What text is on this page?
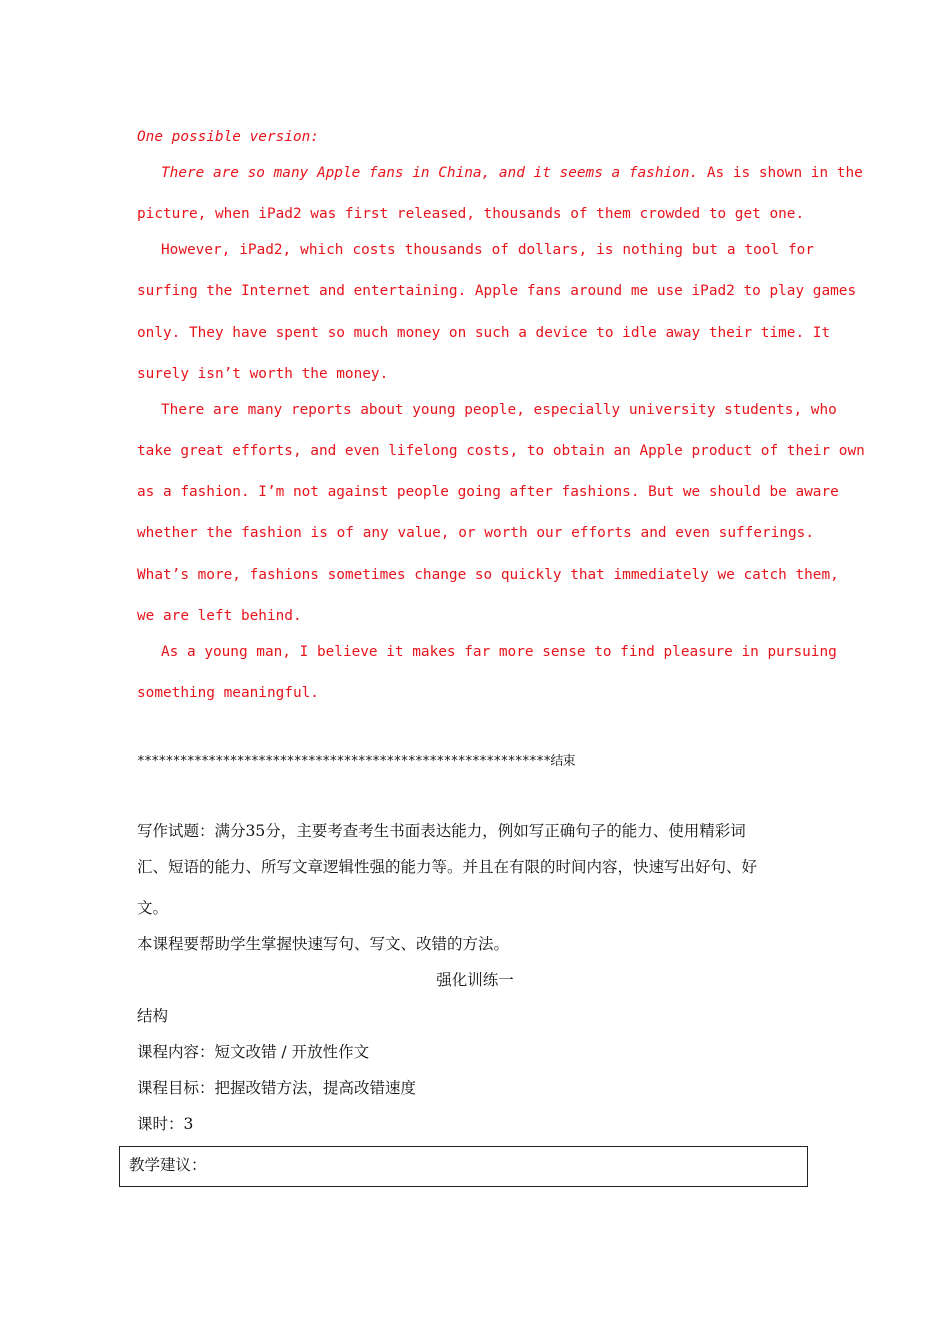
One possible version:
There are so many Apple fans in China, and it seems a fashion. As is shown in the
picture, when iPad2 was first released, thousands of them crowded to get one.
However, iPad2, which costs thousands of dollars, is nothing but a tool for
surfing the Internet and entertaining. Apple fans around me use iPad2 to play games
only. They have spent so much money on such a device to idle away their time. It
surely isn’t worth the money.
There are many reports about young people, especially university students, who
take great efforts, and even lifelong costs, to obtain an Apple product of their own
as a fashion. I’m not against people going after fashions. But we should be aware
whether the fashion is of any value, or worth our efforts and even sufferings.
What’s more, fashions sometimes change so quickly that immediately we catch them,
we are left behind.
As a young man, I believe it makes far more sense to find pleasure in pursuing
something meaningful.
**********************************************************结束
写作试题：满分35分，主要考查考生书面表达能力，例如写正确句子的能力、使用精彩词
汇、短语的能力、所写文章逻辑性强的能力等。并且在有限的时间内容，快速写出好句、好
文。
本课程要帮助学生掌握快速写句、写文、改错的方法。
强化训练一
结构
课程内容：短文改错 / 开放性作文
课程目标：把握改错方法，提高改错速度
课时：3
教学建议：
